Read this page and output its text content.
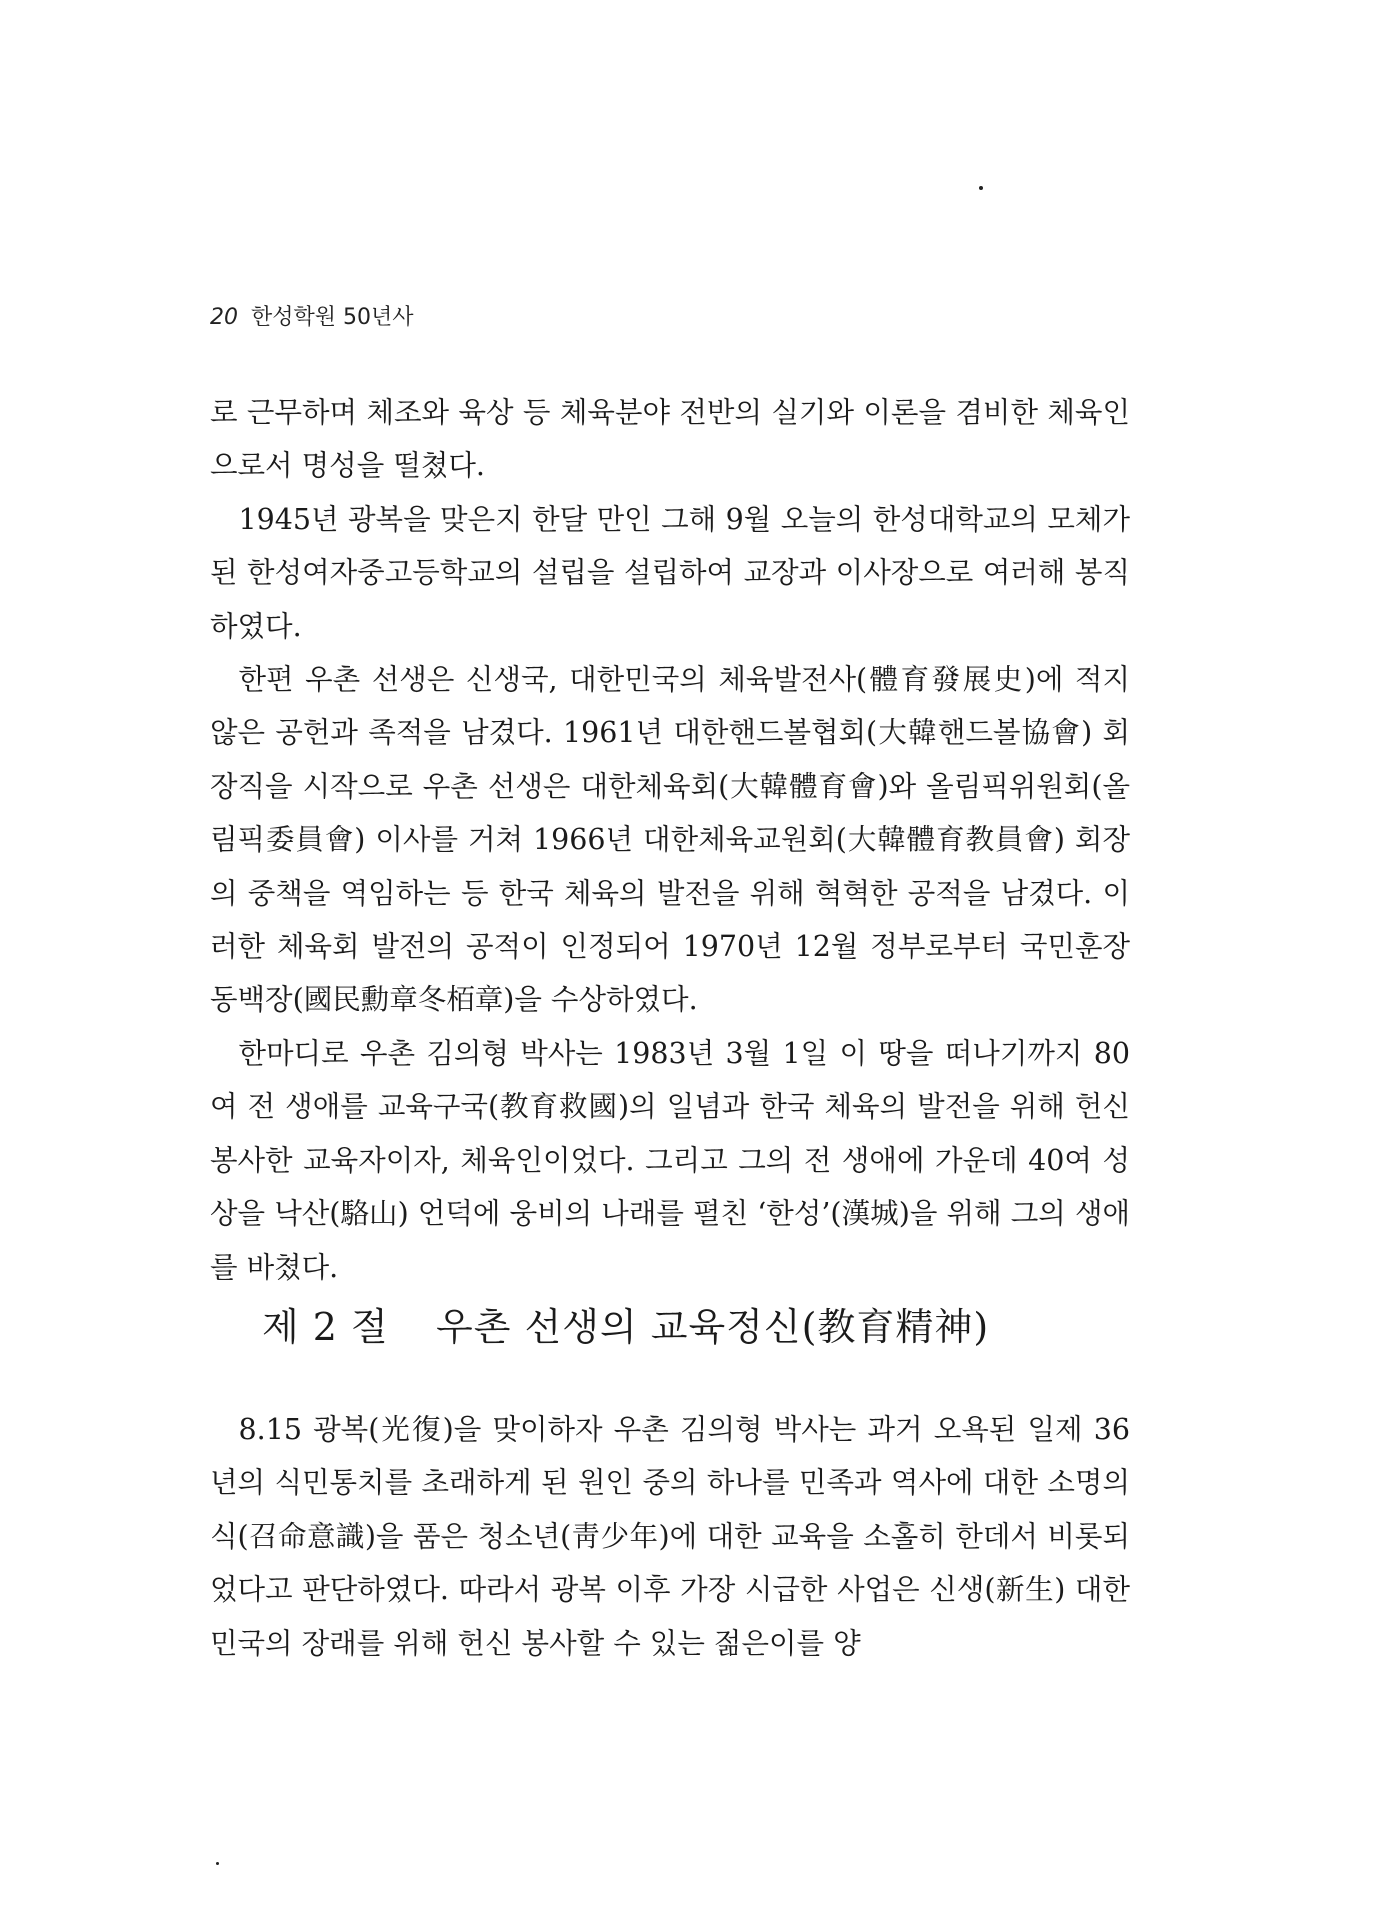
20 한성학원 50년사

로 근무하며 체조와 육상 등 체육분야 전반의 실기와 이론을 겸비한 체육인으로서 명성을 떨쳤다.

1945년 광복을 맞은지 한달 만인 그해 9월 오늘의 한성대학교의 모체가 된 한성여자중고등학교의 설립을 설립하여 교장과 이사장으로 여러해 봉직하였다.

한편 우촌 선생은 신생국, 대한민국의 체육발전사(體育發展史)에 적지 않은 공헌과 족적을 남겼다. 1961년 대한핸드볼협회(大韓핸드볼協會) 회장직을 시작으로 우촌 선생은 대한체육회(大韓體育會)와 올림픽위원회(올림픽委員會) 이사를 거쳐 1966년 대한체육교원회(大韓體育教員會) 회장의 중책을 역임하는 등 한국 체육의 발전을 위해 혁혁한 공적을 남겼다. 이러한 체육회 발전의 공적이 인정되어 1970년 12월 정부로부터 국민훈장동백장(國民勳章冬栢章)을 수상하였다.

한마디로 우촌 김의형 박사는 1983년 3월 1일 이 땅을 떠나기까지 80여 전 생애를 교육구국(教育救國)의 일념과 한국 체육의 발전을 위해 헌신 봉사한 교육자이자, 체육인이었다. 그리고 그의 전 생애에 가운데 40여 성상을 낙산(駱山) 언덕에 웅비의 나래를 펼친 ‘한성’(漢城)을 위해 그의 생애를 바쳤다.

제 2 절 우촌 선생의 교육정신(教育精神)

8.15 광복(光復)을 맞이하자 우촌 김의형 박사는 과거 오욕된 일제 36년의 식민통치를 초래하게 된 원인 중의 하나를 민족과 역사에 대한 소명의식(召命意識)을 품은 청소년(靑少年)에 대한 교육을 소홀히 한데서 비롯되었다고 판단하였다. 따라서 광복 이후 가장 시급한 사업은 신생(新生) 대한민국의 장래를 위해 헌신 봉사할 수 있는 젊은이를 양
